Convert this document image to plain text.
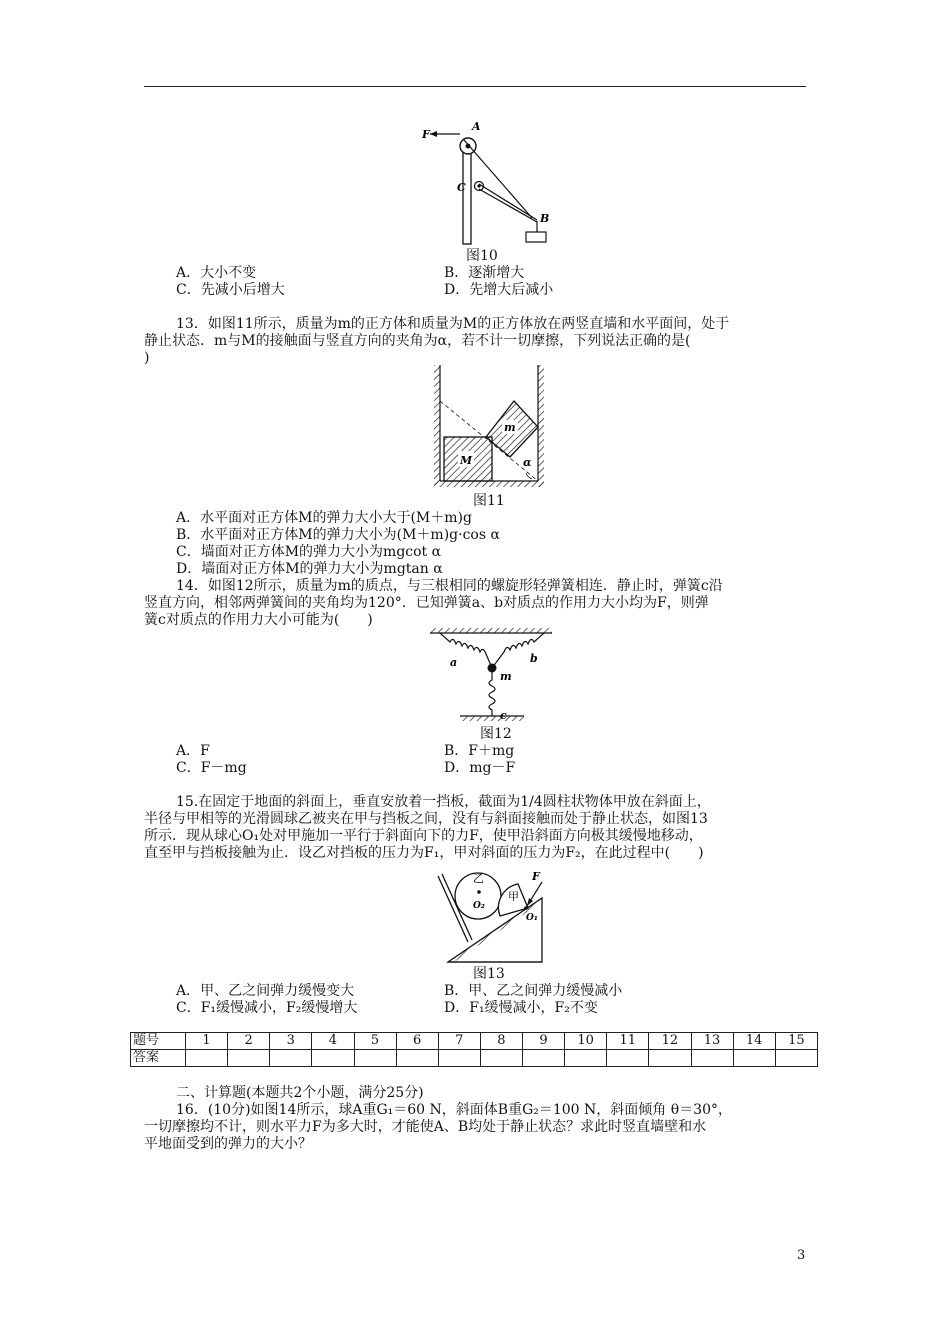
F
A
C
B
图10
A．大小不变	B．逐渐增大
C．先减小后增大	D．先增大后减小
13．如图11所示，质量为m的正方体和质量为M的正方体放在两竖直墙和水平面间，处于
静止状态．m与M的接触面与竖直方向的夹角为α，若不计一切摩擦，下列说法正确的是(
)
M
m
α
图11
A．水平面对正方体M的弹力大小大于(M＋m)g
B．水平面对正方体M的弹力大小为(M＋m)g·cos α
C．墙面对正方体M的弹力大小为mgcot α
D．墙面对正方体M的弹力大小为mgtan α
14．如图12所示，质量为m的质点，与三根相同的螺旋形轻弹簧相连．静止时，弹簧c沿
竖直方向，相邻两弹簧间的夹角均为120°．已知弹簧a、b对质点的作用力大小均为F，则弹
簧c对质点的作用力大小可能为(　　)
a	b
m
c
图12
A．F	B．F＋mg
C．F－mg	D．mg－F
15.在固定于地面的斜面上，垂直安放着一挡板，截面为1/4圆柱状物体甲放在斜面上，
半径与甲相等的光滑圆球乙被夹在甲与挡板之间，没有与斜面接触而处于静止状态，如图13
所示．现从球心O₁处对甲施加一平行于斜面向下的力F，使甲沿斜面方向极其缓慢地移动，
直至甲与挡板接触为止．设乙对挡板的压力为F₁，甲对斜面的压力为F₂，在此过程中(　　)
乙
O₂
甲
O₁
F
图13
A．甲、乙之间弹力缓慢变大	B．甲、乙之间弹力缓慢减小
C．F₁缓慢减小，F₂缓慢增大	D．F₁缓慢减小，F₂不变
题号	1	2	3	4	5	6	7	8	9	10	11	12	13	14	15
答案															
二、计算题(本题共2个小题，满分25分)
16．(10分)如图14所示，球A重G₁＝60 N，斜面体B重G₂＝100 N，斜面倾角 θ＝30°，
一切摩擦均不计，则水平力F为多大时，才能使A、B均处于静止状态？求此时竖直墙壁和水
平地面受到的弹力的大小？
3
